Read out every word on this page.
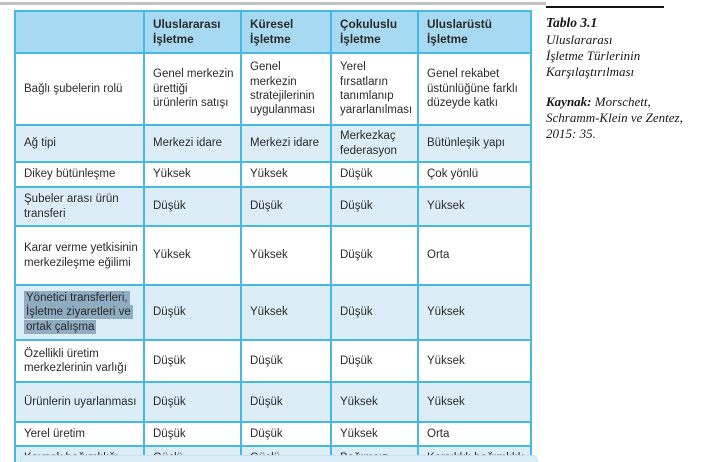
	Uluslararası İşletme	Küresel İşletme	Çokuluslu İşletme	Uluslarüstü İşletme
Bağlı şubelerin rolü	Genel merkezin ürettiği ürünlerin satışı	Genel merkezin stratejilerinin uygulanması	Yerel fırsatların tanımlanıp yararlanılması	Genel rekabet üstünlüğüne farklı düzeyde katkı
Ağ tipi	Merkezi idare	Merkezi idare	Merkezkaç federasyon	Bütünleşik yapı
Dikey bütünleşme	Yüksek	Yüksek	Düşük	Çok yönlü
Şubeler arası ürün transferi	Düşük	Düşük	Düşük	Yüksek
Karar verme yetkisinin merkezileşme eğilimi	Yüksek	Yüksek	Düşük	Orta
Yönetici transferleri, İşletme ziyaretleri ve ortak çalışma	Düşük	Yüksek	Düşük	Yüksek
Özellikli üretim merkezlerinin varlığı	Düşük	Düşük	Düşük	Yüksek
Ürünlerin uyarlanması	Düşük	Düşük	Yüksek	Yüksek
Yerel üretim	Düşük	Düşük	Yüksek	Orta

Tablo 3.1
Uluslararası
İşletme Türlerinin
Karşılaştırılması
Kaynak: Morschett, Schramm-Klein ve Zentez, 2015: 35.
